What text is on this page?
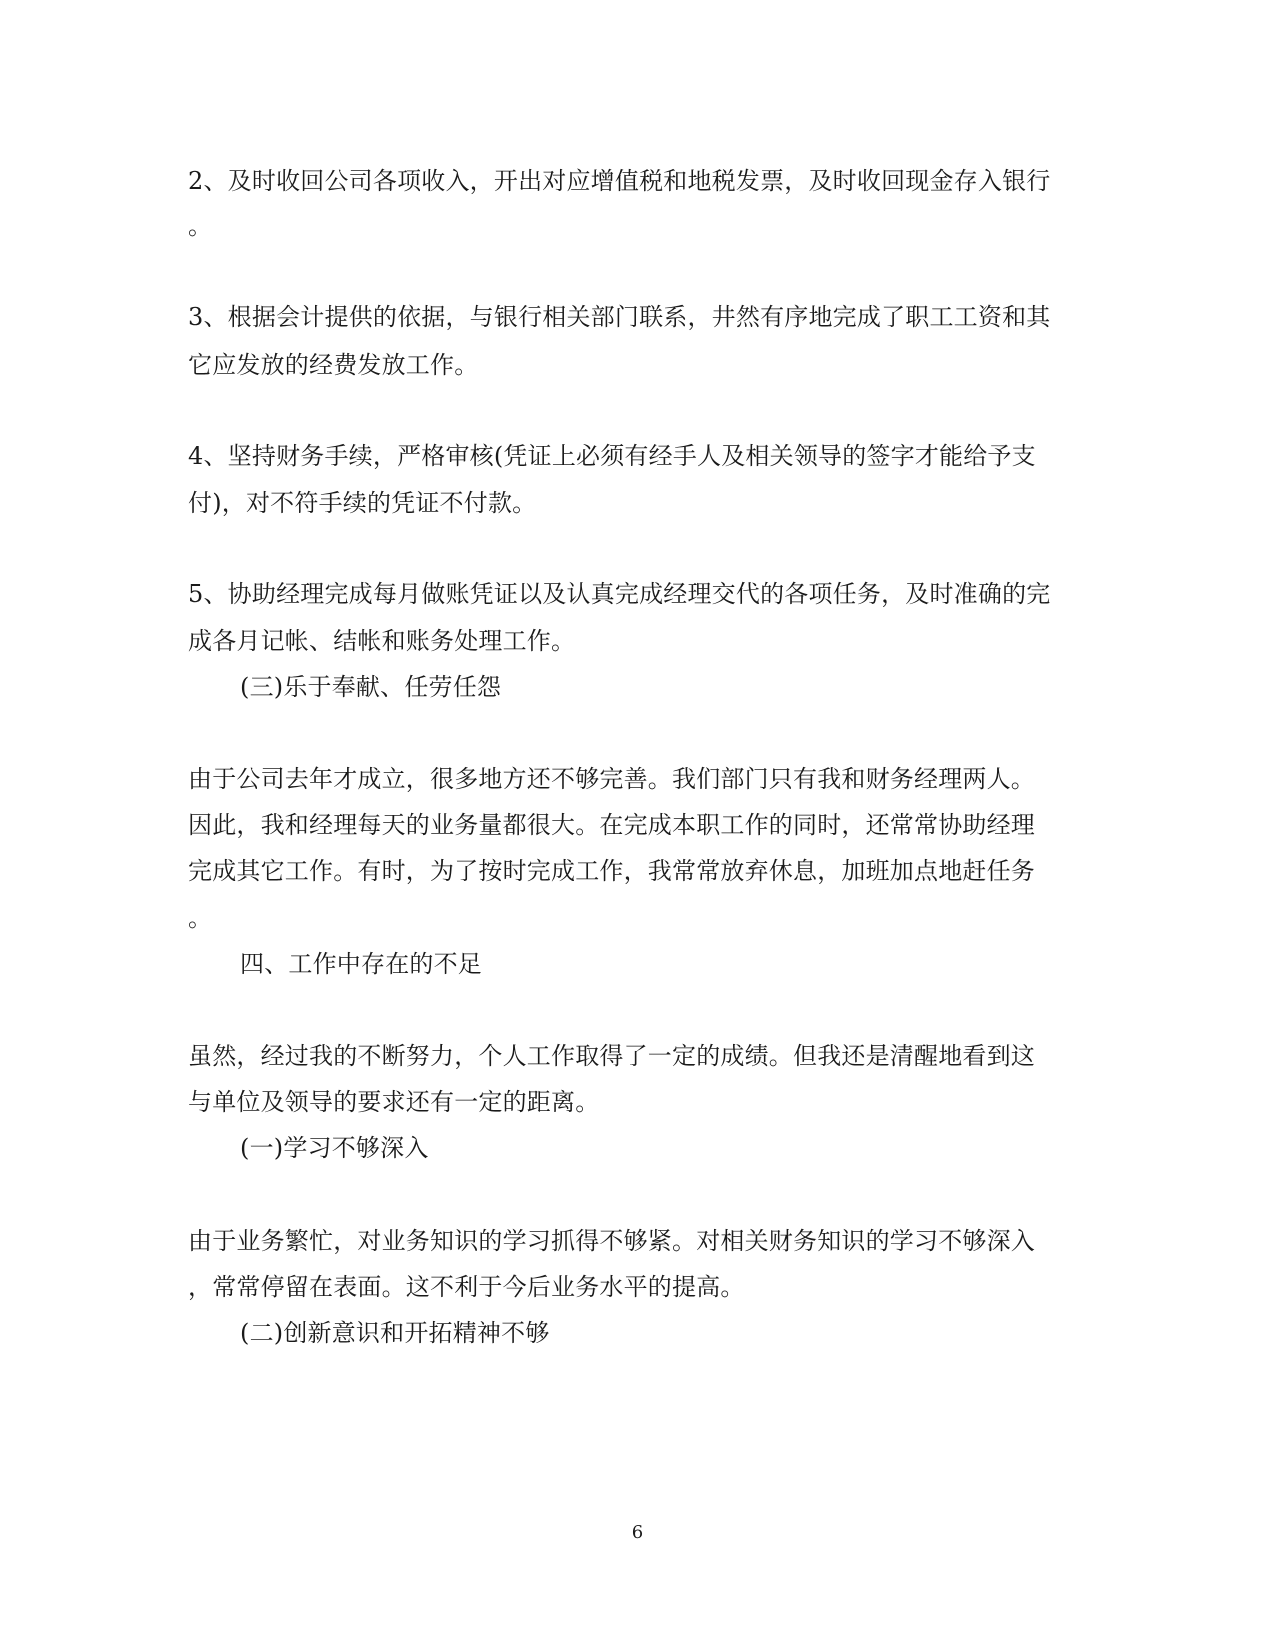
2、及时收回公司各项收入，开出对应增值税和地税发票，及时收回现金存入银行
。
3、根据会计提供的依据，与银行相关部门联系，井然有序地完成了职工工资和其
它应发放的经费发放工作。
4、坚持财务手续，严格审核(凭证上必须有经手人及相关领导的签字才能给予支
付)，对不符手续的凭证不付款。
5、协助经理完成每月做账凭证以及认真完成经理交代的各项任务，及时准确的完
成各月记帐、结帐和账务处理工作。
(三)乐于奉献、任劳任怨
由于公司去年才成立，很多地方还不够完善。我们部门只有我和财务经理两人。
因此，我和经理每天的业务量都很大。在完成本职工作的同时，还常常协助经理
完成其它工作。有时，为了按时完成工作，我常常放弃休息，加班加点地赶任务
。
四、工作中存在的不足
虽然，经过我的不断努力，个人工作取得了一定的成绩。但我还是清醒地看到这
与单位及领导的要求还有一定的距离。
(一)学习不够深入
由于业务繁忙，对业务知识的学习抓得不够紧。对相关财务知识的学习不够深入
，常常停留在表面。这不利于今后业务水平的提高。
(二)创新意识和开拓精神不够
6
